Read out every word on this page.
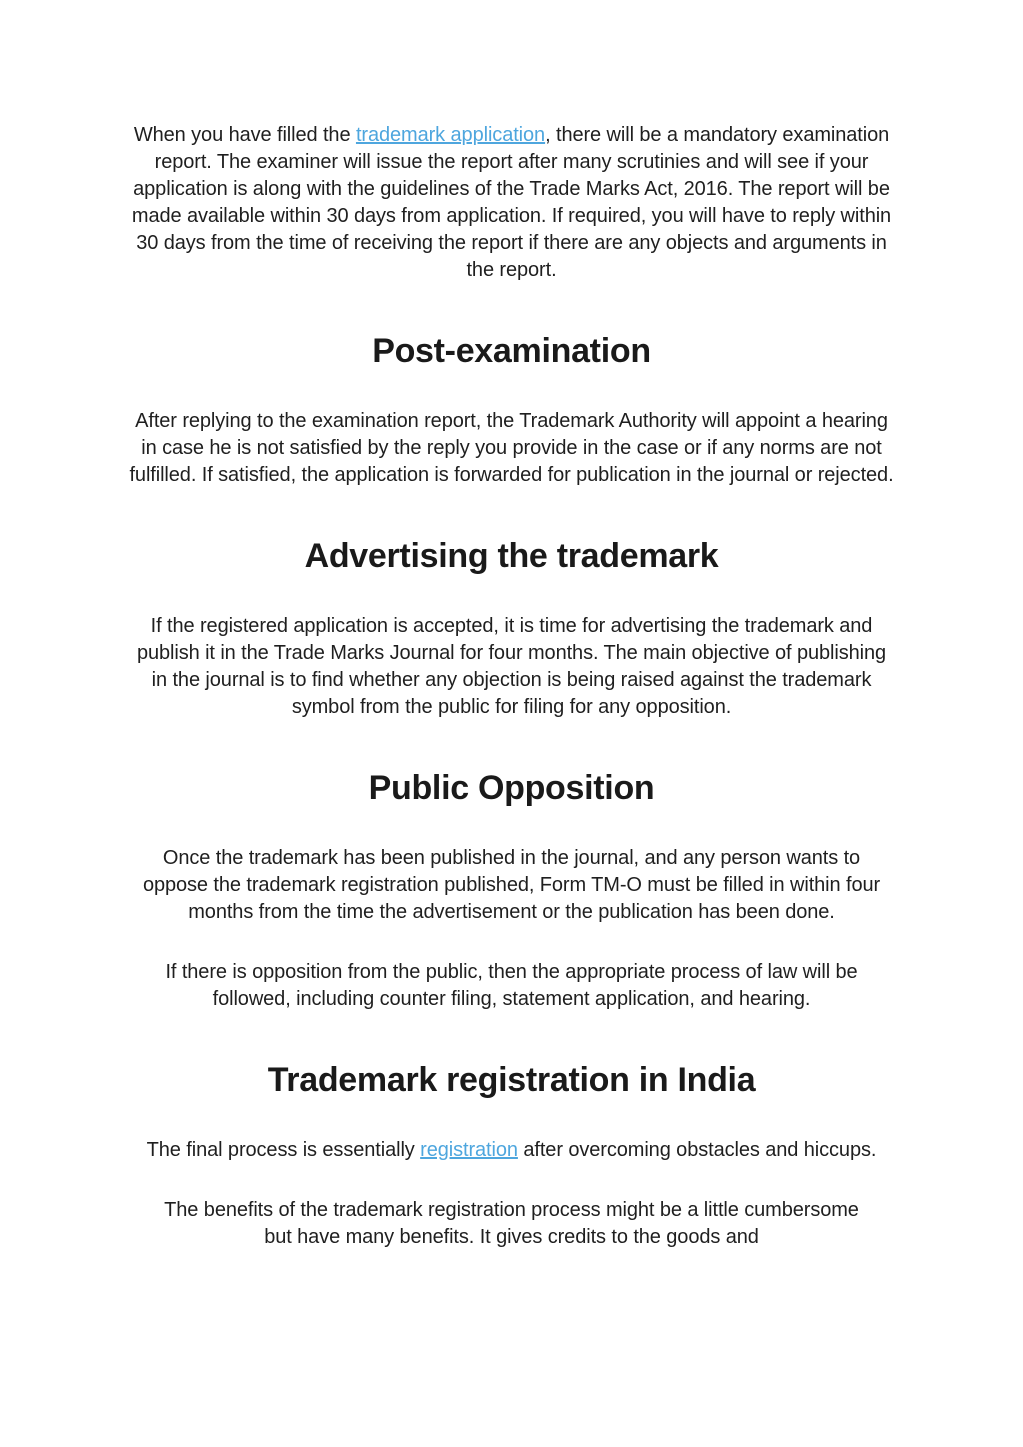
When you have filled the trademark application, there will be a mandatory examination report. The examiner will issue the report after many scrutinies and will see if your application is along with the guidelines of the Trade Marks Act, 2016. The report will be made available within 30 days from application. If required, you will have to reply within 30 days from the time of receiving the report if there are any objects and arguments in the report.

Post-examination

After replying to the examination report, the Trademark Authority will appoint a hearing in case he is not satisfied by the reply you provide in the case or if any norms are not fulfilled. If satisfied, the application is forwarded for publication in the journal or rejected.

Advertising the trademark

If the registered application is accepted, it is time for advertising the trademark and publish it in the Trade Marks Journal for four months. The main objective of publishing in the journal is to find whether any objection is being raised against the trademark symbol from the public for filing for any opposition.

Public Opposition

Once the trademark has been published in the journal, and any person wants to oppose the trademark registration published, Form TM-O must be filled in within four months from the time the advertisement or the publication has been done.

If there is opposition from the public, then the appropriate process of law will be followed, including counter filing, statement application, and hearing.

Trademark registration in India

The final process is essentially registration after overcoming obstacles and hiccups.

The benefits of the trademark registration process might be a little cumbersome but have many benefits. It gives credits to the goods and
